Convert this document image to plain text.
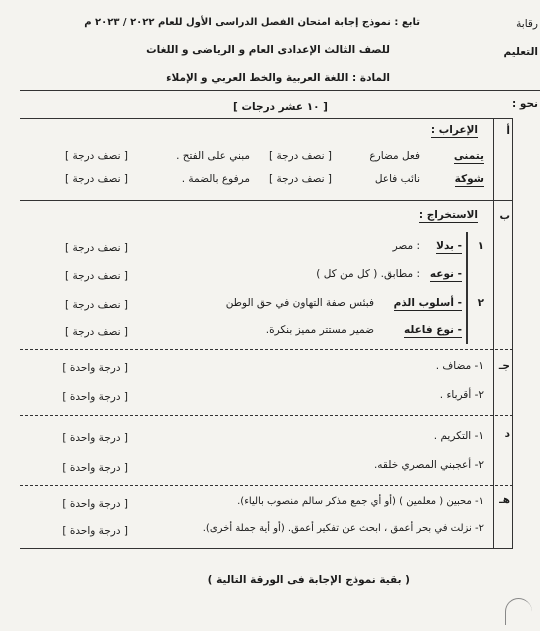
رقابة
التعليم
تابع : نموذج إجابة امتحان الفصل الدراسى الأول للعام ٢٠٢٢ / ٢٠٢٣ م
للصف الثالث الإعدادى العام و الرياضى و اللغات
المادة : اللغة العربية والخط العربي و الإملاء
نحو :
[ ١٠ عشر درجات ]
أ
الإعراب :
يتمنى
فعل مضارع
[ نصف درجة ]
مبني على الفتح .
[ نصف درجة ]
شوكة
نائب فاعل
[ نصف درجة ]
مرفوع بالضمة .
[ نصف درجة ]
ب
الاستخراج :
١
٢
- بدلا
: مصر
[ نصف درجة ]
- نوعه
: مطابق. ( كل من كل )
[ نصف درجة ]
- أسلوب الذم
فبئس صفة التهاون في حق الوطن
[ نصف درجة ]
- نوع فاعله
ضمير مستتر مميز بنكرة.
[ نصف درجة ]
جـ
١- مضاف .
[ درجة واحدة ]
٢- أقرباء .
[ درجة واحدة ]
د
١- التكريم .
[ درجة واحدة ]
٢- أعجبني المصري خلقه.
[ درجة واحدة ]
هـ
١- محبين ( معلمين ) (أو أي جمع مذكر سالم منصوب بالياء).
[ درجة واحدة ]
٢- نزلت في بحر أعمق ، ابحث عن تفكير أعمق. (أو أية جملة أخرى).
[ درجة واحدة ]
( بقية نموذج الإجابة فى الورقة التالية )
